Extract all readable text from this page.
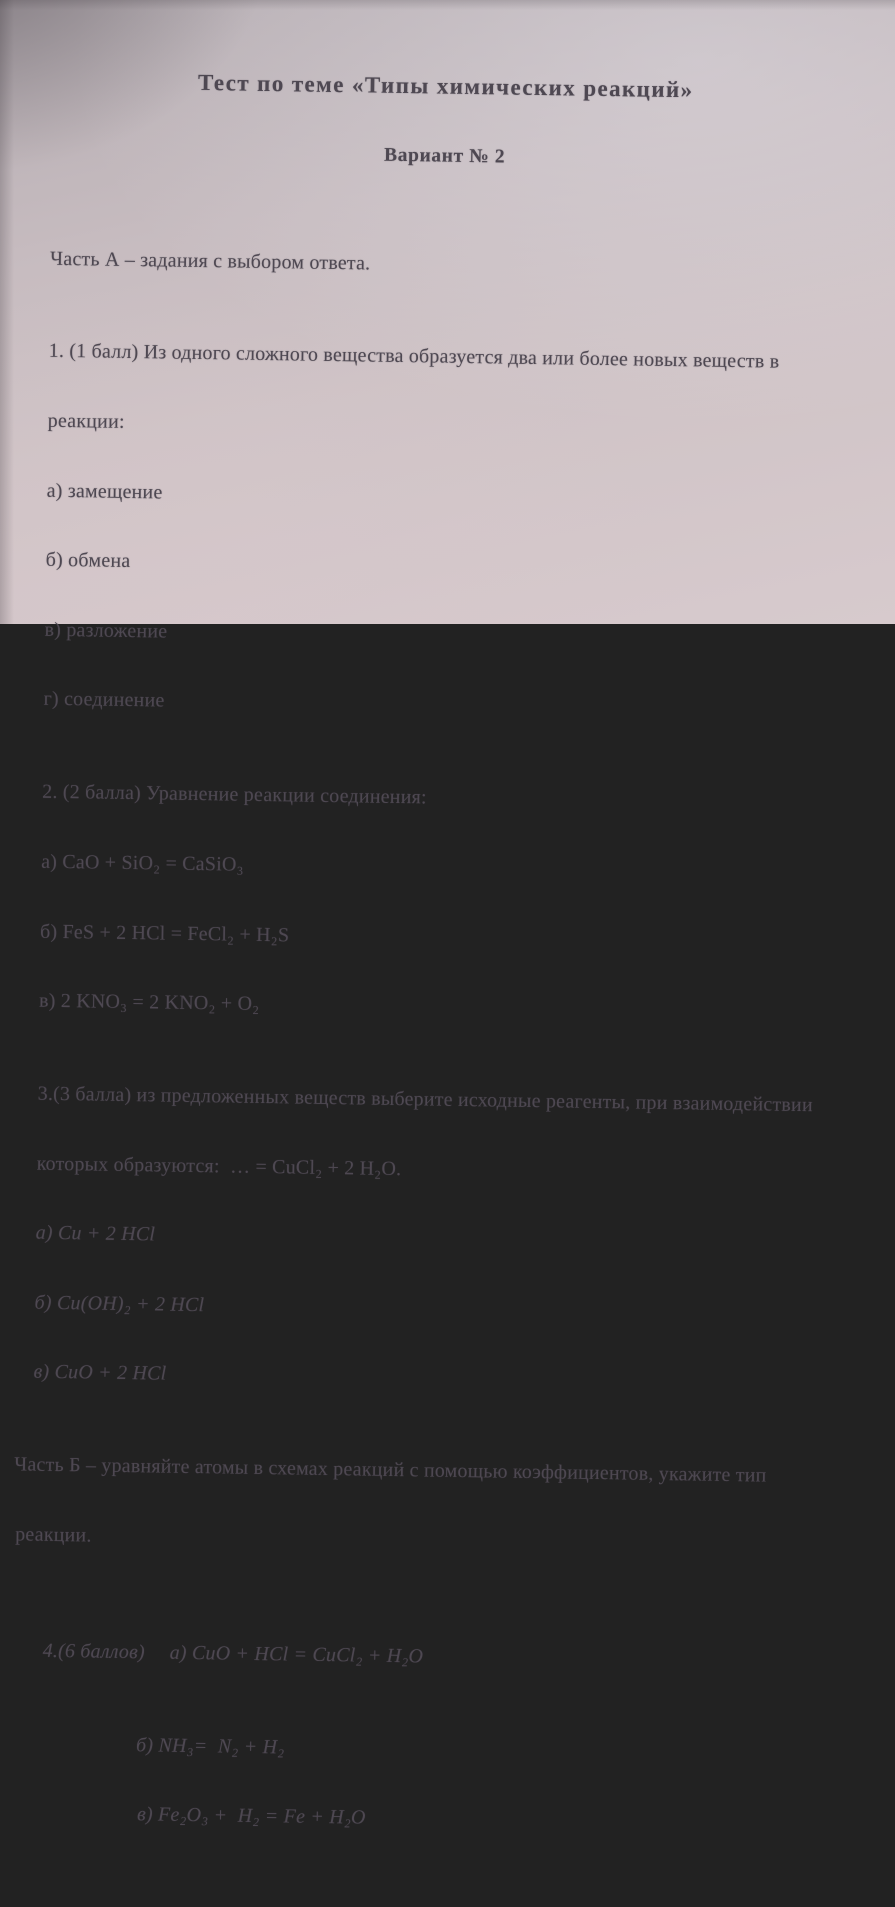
Тест по теме «Типы химических реакций»

Вариант № 2

Часть А – задания с выбором ответа.

1. (1 балл) Из одного сложного вещества образуется два или более новых веществ в

реакции:

а) замещение

б) обмена

в) разложение

г) соединение

2. (2 балла) Уравнение реакции соединения:

а) CaO + SiO₂ = CaSiO₃

б) FeS + 2 HCl = FeCl₂ + H₂S

в) 2 KNO₃ = 2 KNO₂ + O₂

3.(3 балла) из предложенных веществ выберите исходные реагенты, при взаимодействии

которых образуются:  … = CuCl₂ + 2 H₂O.

а) Cu + 2 HCl

б) Cu(OH)₂ + 2 HCl

в) CuO + 2 HCl

Часть Б – уравняйте атомы в схемах реакций с помощью коэффициентов, укажите тип

реакции.

4.(6 баллов) а) CuO + HCl = CuCl₂ + H₂O

б) NH₃=  N₂ + H₂

в) Fe₂O₃ +  H₂ = Fe + H₂O
